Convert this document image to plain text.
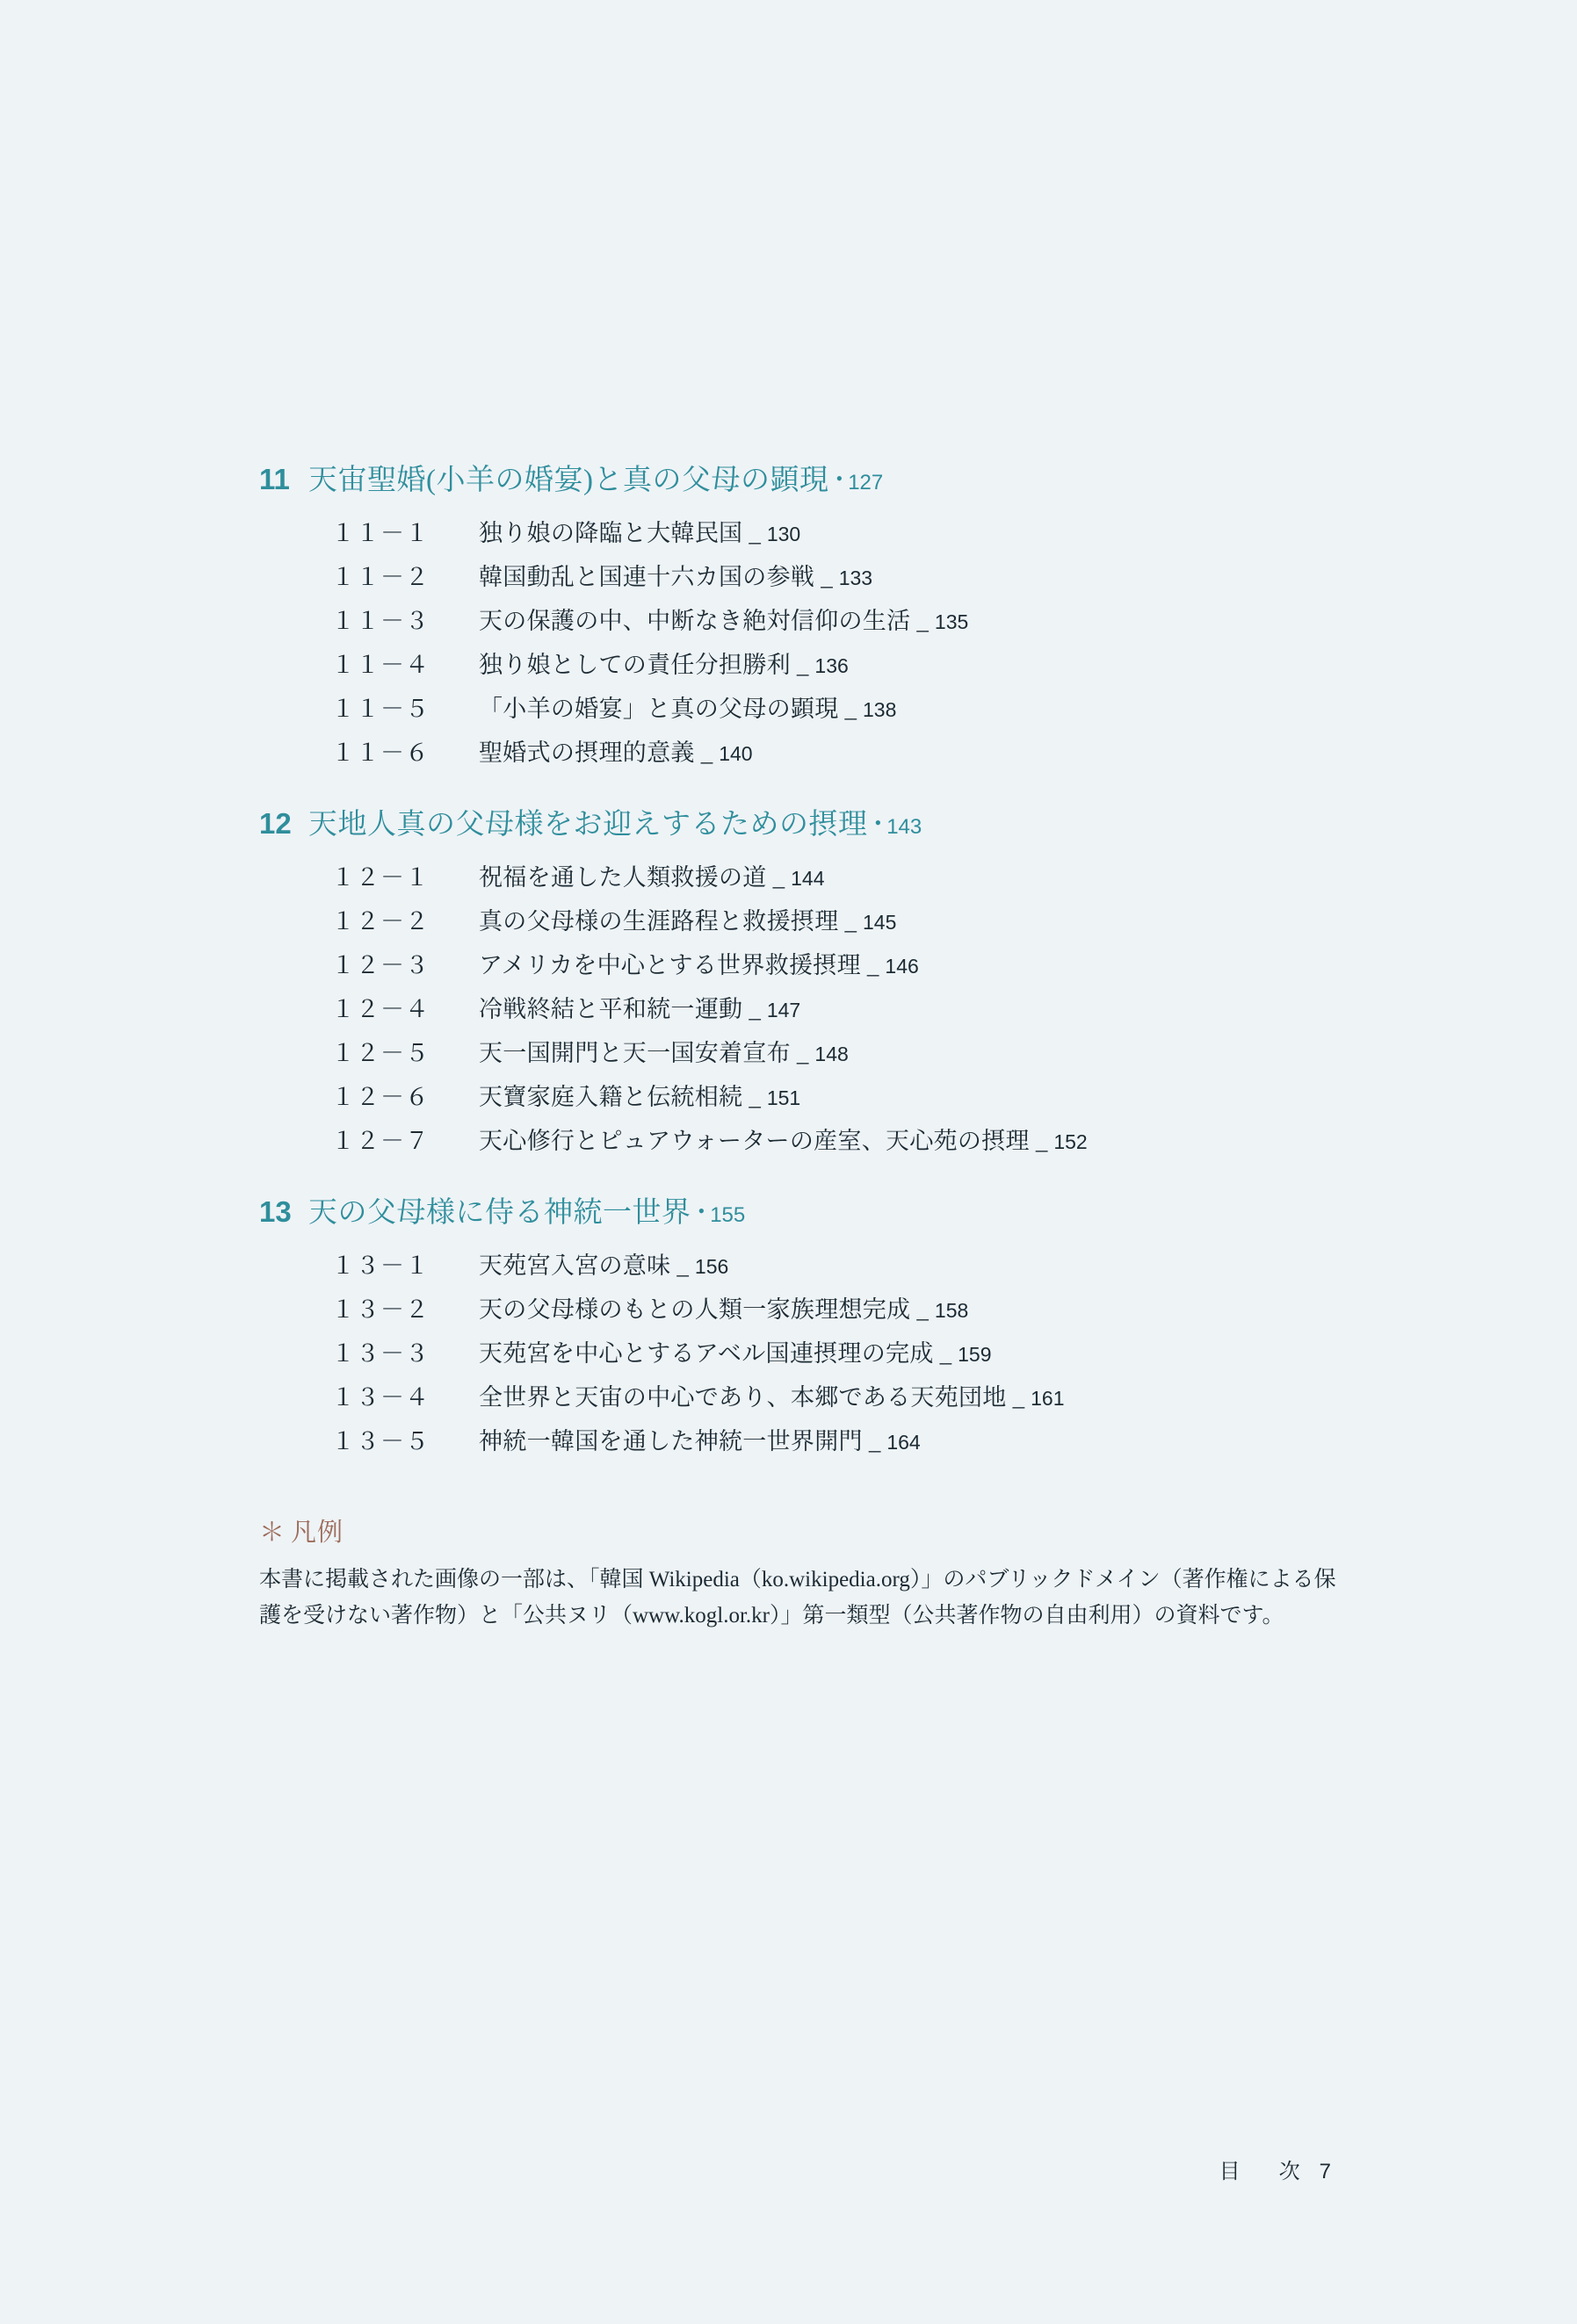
11 天宙聖婚(小羊の婚宴)と真の父母の顕現 • 127
１１－１	独り娘の降臨と大韓民国 _ 130
１１－２	韓国動乱と国連十六カ国の参戦 _ 133
１１－３	天の保護の中、中断なき絶対信仰の生活 _ 135
１１－４	独り娘としての責任分担勝利 _ 136
１１－５	「小羊の婚宴」と真の父母の顕現 _ 138
１１－６	聖婚式の摂理的意義 _ 140
12 天地人真の父母様をお迎えするための摂理 • 143
１２－１	祝福を通した人類救援の道 _ 144
１２－２	真の父母様の生涯路程と救援摂理 _ 145
１２－３	アメリカを中心とする世界救援摂理 _ 146
１２－４	冷戦終結と平和統一運動 _ 147
１２－５	天一国開門と天一国安着宣布 _ 148
１２－６	天寶家庭入籍と伝統相続 _ 151
１２－７	天心修行とピュアウォーターの産室、天心苑の摂理 _ 152
13 天の父母様に侍る神統一世界 • 155
１３－１	天苑宮入宮の意味 _ 156
１３－２	天の父母様のもとの人類一家族理想完成 _ 158
１３－３	天苑宮を中心とするアベル国連摂理の完成 _ 159
１３－４	全世界と天宙の中心であり、本郷である天苑団地 _ 161
１３－５	神統一韓国を通した神統一世界開門 _ 164
＊ 凡例
本書に掲載された画像の一部は、「韓国 Wikipedia（ko.wikipedia.org）」のパブリックドメイン（著作権による保護を受けない著作物）と「公共ヌリ（www.kogl.or.kr）」第一類型（公共著作物の自由利用）の資料です。
目　次 7
